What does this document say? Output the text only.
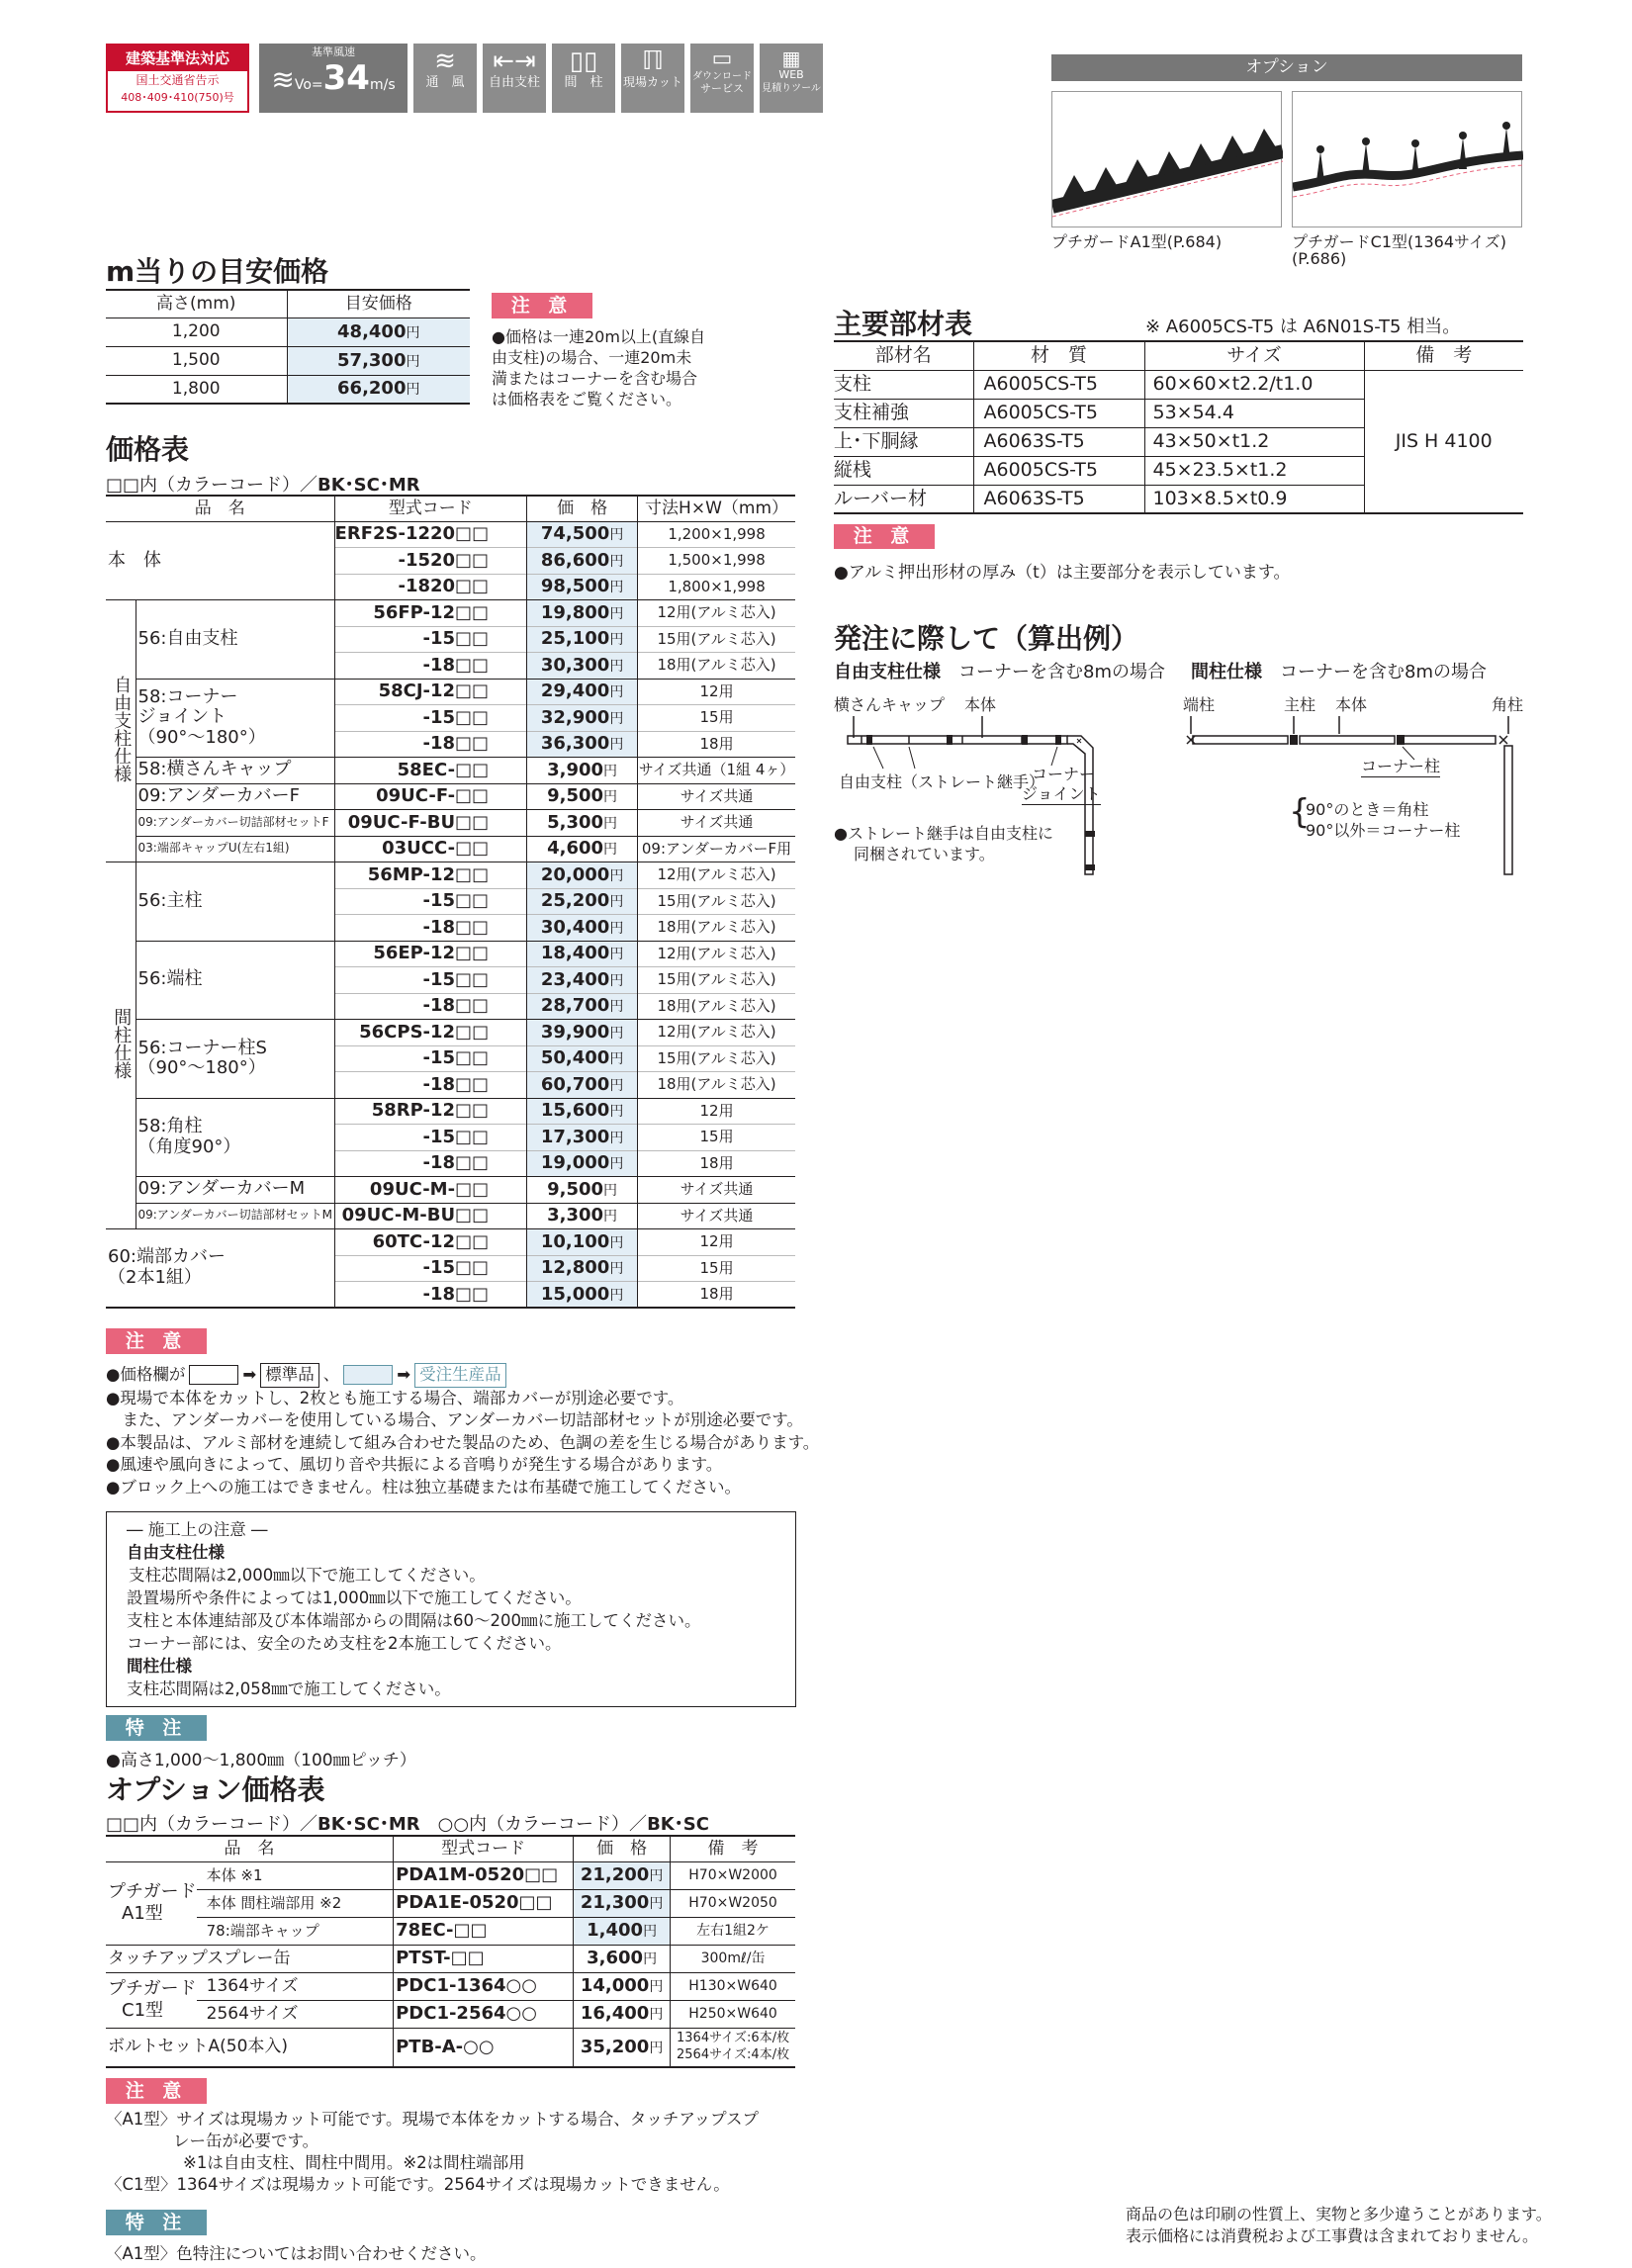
建築基準法対応
国土交通省告示
408･409･410(750)号
基準風速
≋ Vo= 34 m/s
≋
通　風
⇤⇥
自由支柱
▯▯
間　柱
ℿ
現場カット
▭
ダウンロード
サービス
▦
WEB
見積りツール
オプション
プチガードA1型(P.684)	プチガードC1型(1364サイズ)
(P.686)
m当りの目安価格
高さ(mm)	目安価格
1,200	48,400円
1,500	57,300円
1,800	66,200円
注 意
●価格は一連20m以上(直線自
由支柱)の場合、一連20m未
満またはコーナーを含む場合
は価格表をご覧ください。
主要部材表	※ A6005CS-T5 は A6N01S-T5 相当。
部材名	材　質	サイズ	備　考
支柱	A6005CS-T5	60×60×t2.2/t1.0	JIS H 4100
支柱補強	A6005CS-T5	53×54.4	
上･下胴縁	A6063S-T5	43×50×t1.2	
縦桟	A6005CS-T5	45×23.5×t1.2	
ルーバー材	A6063S-T5	103×8.5×t0.9	
注 意
●アルミ押出形材の厚み（t）は主要部分を表示しています。
発注に際して（算出例）
自由支柱仕様　 コーナーを含む8mの場合 間柱仕様　 コーナーを含む8mの場合
横さんキャップ 本体
自由支柱（ストレート継手）
コーナー
ジョイント
●ストレート継手は自由支柱に
同梱されています。
端柱	主柱 本体	角柱
コーナー柱
{
90°のとき＝角柱
90°以外＝コーナー柱
価格表
□□内（カラーコード）／BK･SC･MR
品　名		型式コード	価　格	寸法H×W（mm）
本　体		ERF2S-1220□□	74,500円	1,200×1,998
		-1520□□	86,600円	1,500×1,998
		-1820□□	98,500円	1,800×1,998
自由支柱仕様	56:自由支柱	56FP-12□□	19,800円	12用(アルミ芯入)
		-15□□	25,100円	15用(アルミ芯入)
		-18□□	30,300円	18用(アルミ芯入)

	58:コーナー
ジョイント
（90°～180°）	58CJ-12□□	29,400円	12用
		-15□□	32,900円	15用
		-18□□	36,300円	18用

	58:横さんキャップ	58EC-□□	3,900円	サイズ共通（1組 4ヶ）

	09:アンダーカバーF	09UC-F-□□	9,500円	サイズ共通

	09:アンダーカバー切詰部材セットF	09UC-F-BU□□	5,300円	サイズ共通

	03:端部キャップU(左右1組)	03UCC-□□	4,600円	09:アンダーカバーF用
間柱仕様	56:主柱	56MP-12□□	20,000円	12用(アルミ芯入)
		-15□□	25,200円	15用(アルミ芯入)
		-18□□	30,400円	18用(アルミ芯入)

	56:端柱	56EP-12□□	18,400円	12用(アルミ芯入)
		-15□□	23,400円	15用(アルミ芯入)
		-18□□	28,700円	18用(アルミ芯入)

	56:コーナー柱S
（90°～180°）	56CPS-12□□	39,900円	12用(アルミ芯入)
		-15□□	50,400円	15用(アルミ芯入)
		-18□□	60,700円	18用(アルミ芯入)

	58:角柱
（角度90°）	58RP-12□□	15,600円	12用
		-15□□	17,300円	15用
		-18□□	19,000円	18用

	09:アンダーカバーM	09UC-M-□□	9,500円	サイズ共通

	09:アンダーカバー切詰部材セットM	09UC-M-BU□□	3,300円	サイズ共通

60:端部カバー
（2本1組）		60TC-12□□	10,100円	12用
		-15□□	12,800円	15用
		-18□□	15,000円	18用
注 意
●価格欄が	➡ 標準品 、	➡ 受注生産品
●現場で本体をカットし、2枚とも施工する場合、端部カバーが別途必要です。
　また、アンダーカバーを使用している場合、アンダーカバー切詰部材セットが別途必要です。
●本製品は、アルミ部材を連続して組み合わせた製品のため、色調の差を生じる場合があります。
●風速や風向きによって、風切り音や共振による音鳴りが発生する場合があります。
●ブロック上への施工はできません。柱は独立基礎または布基礎で施工してください。
― 施工上の注意 ―
自由支柱仕様
支柱芯間隔は2,000㎜以下で施工してください。
設置場所や条件によっては1,000㎜以下で施工してください。
支柱と本体連結部及び本体端部からの間隔は60～200㎜に施工してください。
コーナー部には、安全のため支柱を2本施工してください。
間柱仕様
支柱芯間隔は2,058㎜で施工してください。
特 注
●高さ1,000～1,800㎜（100㎜ピッチ）
オプション価格表
□□内（カラーコード）／BK･SC･MR　 ○○内（カラーコード）／BK･SC
品　名		型式コード	価　格	備　考

プチガード
A1型	本体 ※1	PDA1M-0520□□	21,200円	H70×W2000
	本体 間柱端部用 ※2	PDA1E-0520□□	21,300円	H70×W2050
	78:端部キャップ	78EC-□□	1,400円	左右1組2ケ
タッチアップスプレー缶		PTST-□□	3,600円	300mℓ/缶

プチガード
C1型	1364サイズ	PDC1-1364○○	14,000円	H130×W640
	2564サイズ	PDC1-2564○○	16,400円	H250×W640
ボルトセットA(50本入)		PTB-A-○○	35,200円	1364サイズ:6本/枚
2564サイズ:4本/枚
注 意
〈A1型〉サイズは現場カット可能です。現場で本体をカットする場合、タッチアップスプ
レー缶が必要です。
※1は自由支柱、間柱中間用。※2は間柱端部用
〈C1型〉1364サイズは現場カット可能です。2564サイズは現場カットできません。
特 注
〈A1型〉色特注についてはお問い合わせください。
商品の色は印刷の性質上、実物と多少違うことがあります。
表示価格には消費税および工事費は含まれておりません。
